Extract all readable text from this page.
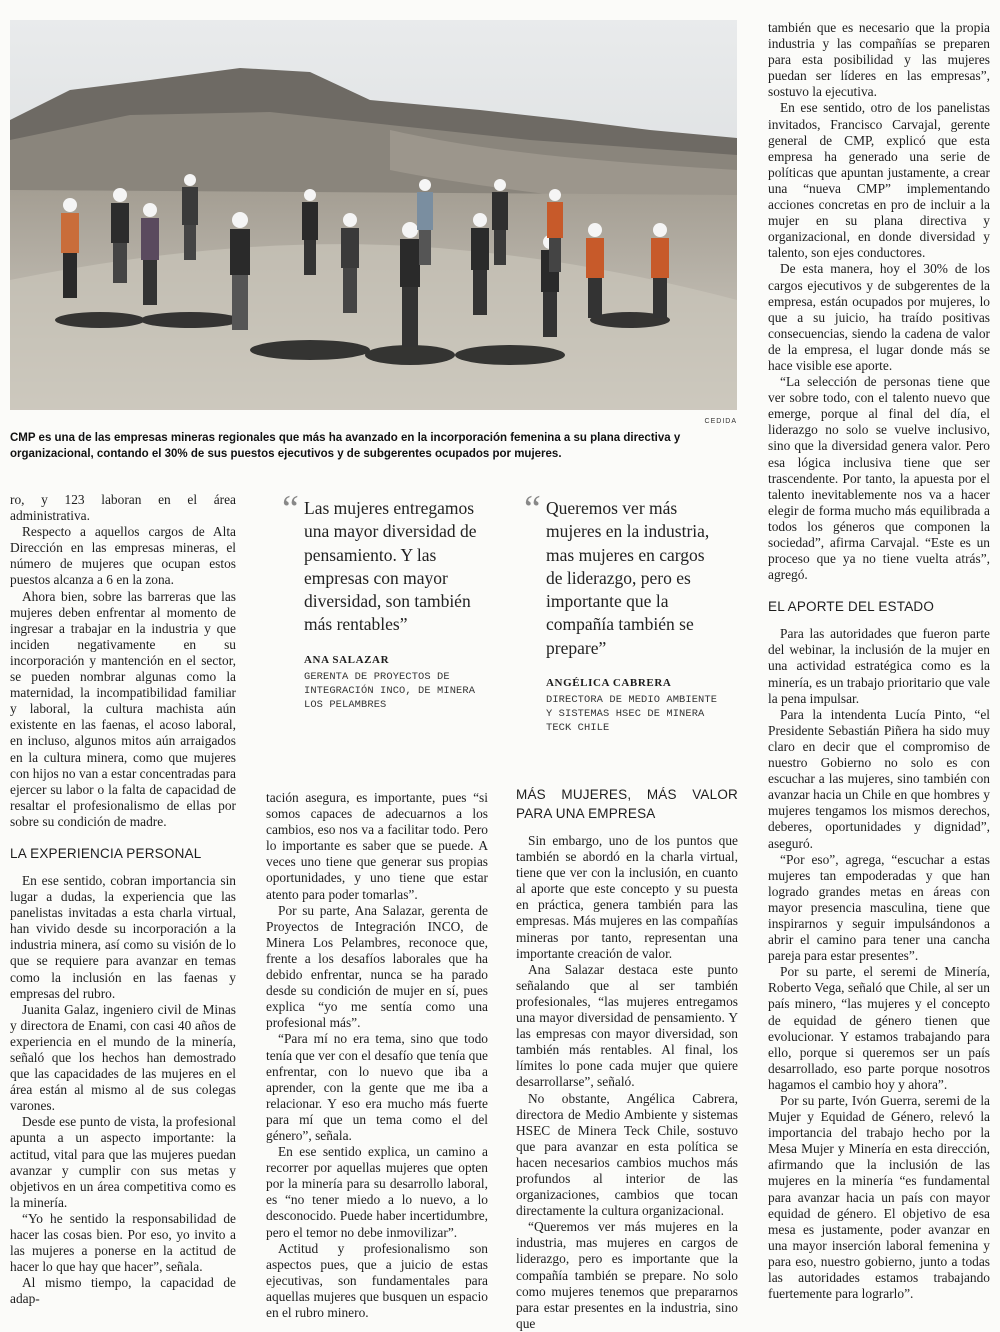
CEDIDA
CMP es una de las empresas mineras regionales que más ha avanzado en la incorporación femenina a su plana directiva y organizacional, contando el 30% de sus puestos ejecutivos y de subgerentes ocupados por mujeres.

ro, y 123 laboran en el área administrativa.

Respecto a aquellos cargos de Alta Dirección en las empresas mineras, el número de mujeres que ocupan estos puestos alcanza a 6 en la zona.

Ahora bien, sobre las barreras que las mujeres deben enfrentar al momento de ingresar a trabajar en la industria y que inciden negativamente en su incorporación y mantención en el sector, se pueden nombrar algunas como la maternidad, la incompatibilidad familiar y laboral, la cultura machista aún existente en las faenas, el acoso laboral, en incluso, algunos mitos aún arraigados en la cultura minera, como que mujeres con hijos no van a estar concentradas para ejercer su labor o la falta de capacidad de resaltar el profesionalismo de ellas por sobre su condición de madre.

LA EXPERIENCIA PERSONAL

En ese sentido, cobran importancia sin lugar a dudas, la experiencia que las panelistas invitadas a esta charla virtual, han vivido desde su incorporación a la industria minera, así como su visión de lo que se requiere para avanzar en temas como la inclusión en las faenas y empresas del rubro.

Juanita Galaz, ingeniero civil de Minas y directora de Enami, con casi 40 años de experiencia en el mundo de la minería, señaló que los hechos han demostrado que las capacidades de las mujeres en el área están al mismo al de sus colegas varones.

Desde ese punto de vista, la profesional apunta a un aspecto importante: la actitud, vital para que las mujeres puedan avanzar y cumplir con sus metas y objetivos en un área competitiva como es la minería.

“Yo he sentido la responsabilidad de hacer las cosas bien. Por eso, yo invito a las mujeres a ponerse en la actitud de hacer lo que hay que hacer”, señala.

Al mismo tiempo, la capacidad de adap-

“ Las mujeres entregamos una mayor diversidad de pensamiento. Y las empresas con mayor diversidad, son también más rentables”
ANA SALAZAR
GERENTA DE PROYECTOS DE INTEGRACIÓN INCO, DE MINERA LOS PELAMBRES
“ Queremos ver más mujeres en la industria, mas mujeres en cargos de liderazgo, pero es importante que la compañía también se prepare”
ANGÉLICA CABRERA
DIRECTORA DE MEDIO AMBIENTE Y SISTEMAS HSEC DE MINERA TECK CHILE

tación asegura, es importante, pues “si somos capaces de adecuarnos a los cambios, eso nos va a facilitar todo. Pero lo importante es saber que se puede. A veces uno tiene que generar sus propias oportunidades, y uno tiene que estar atento para poder tomarlas”.

Por su parte, Ana Salazar, gerenta de Proyectos de Integración INCO, de Minera Los Pelambres, reconoce que, frente a los desafíos laborales que ha debido enfrentar, nunca se ha parado desde su condición de mujer en sí, pues explica “yo me sentía como una profesional más”.

“Para mí no era tema, sino que todo tenía que ver con el desafío que tenía que enfrentar, con lo nuevo que iba a aprender, con la gente que me iba a relacionar. Y eso era mucho más fuerte para mí que un tema como el del género”, señala.

En ese sentido explica, un camino a recorrer por aquellas mujeres que opten por la minería para su desarrollo laboral, es “no tener miedo a lo nuevo, a lo desconocido. Puede haber incertidumbre, pero el temor no debe inmovilizar”.

Actitud y profesionalismo son aspectos pues, que a juicio de estas ejecutivas, son fundamentales para aquellas mujeres que busquen un espacio en el rubro minero.

MÁS MUJERES, MÁS VALOR PARA UNA EMPRESA

Sin embargo, uno de los puntos que también se abordó en la charla virtual, tiene que ver con la inclusión, en cuanto al aporte que este concepto y su puesta en práctica, genera también para las empresas. Más mujeres en las compañías mineras por tanto, representan una importante creación de valor.

Ana Salazar destaca este punto señalando que al ser también profesionales, “las mujeres entregamos una mayor diversidad de pensamiento. Y las empresas con mayor diversidad, son también más rentables. Al final, los límites lo pone cada mujer que quiere desarrollarse”, señaló.

No obstante, Angélica Cabrera, directora de Medio Ambiente y sistemas HSEC de Minera Teck Chile, sostuvo que para avanzar en esta política se hacen necesarios cambios muchos más profundos al interior de las organizaciones, cambios que tocan directamente la cultura organizacional.

“Queremos ver más mujeres en la industria, mas mujeres en cargos de liderazgo, pero es importante que la compañía también se prepare. No solo como mujeres tenemos que prepararnos para estar presentes en la industria, sino que

también que es necesario que la propia industria y las compañías se preparen para esta posibilidad y las mujeres puedan ser líderes en las empresas”, sostuvo la ejecutiva.

En ese sentido, otro de los panelistas invitados, Francisco Carvajal, gerente general de CMP, explicó que esta empresa ha generado una serie de políticas que apuntan justamente, a crear una “nueva CMP” implementando acciones concretas en pro de incluir a la mujer en su plana directiva y organizacional, en donde diversidad y talento, son ejes conductores.

De esta manera, hoy el 30% de los cargos ejecutivos y de subgerentes de la empresa, están ocupados por mujeres, lo que a su juicio, ha traído positivas consecuencias, siendo la cadena de valor de la empresa, el lugar donde más se hace visible ese aporte.

“La selección de personas tiene que ver sobre todo, con el talento nuevo que emerge, porque al final del día, el liderazgo no solo se vuelve inclusivo, sino que la diversidad genera valor. Pero esa lógica inclusiva tiene que ser trascendente. Por tanto, la apuesta por el talento inevitablemente nos va a hacer elegir de forma mucho más equilibrada a todos los géneros que componen la sociedad”, afirma Carvajal. “Este es un proceso que ya no tiene vuelta atrás”, agregó.

EL APORTE DEL ESTADO

Para las autoridades que fueron parte del webinar, la inclusión de la mujer en una actividad estratégica como es la minería, es un trabajo prioritario que vale la pena impulsar.

Para la intendenta Lucía Pinto, “el Presidente Sebastián Piñera ha sido muy claro en decir que el compromiso de nuestro Gobierno no solo es con escuchar a las mujeres, sino también con avanzar hacia un Chile en que hombres y mujeres tengamos los mismos derechos, deberes, oportunidades y dignidad”, aseguró.

“Por eso”, agrega, “escuchar a estas mujeres tan empoderadas y que han logrado grandes metas en áreas con mayor presencia masculina, tiene que inspirarnos y seguir impulsándonos a abrir el camino para tener una cancha pareja para estar presentes”.

Por su parte, el seremi de Minería, Roberto Vega, señaló que Chile, al ser un país minero, “las mujeres y el concepto de equidad de género tienen que evolucionar. Y estamos trabajando para ello, porque si queremos ser un país desarrollado, eso parte porque nosotros hagamos el cambio hoy y ahora”.

Por su parte, Ivón Guerra, seremi de la Mujer y Equidad de Género, relevó la importancia del trabajo hecho por la Mesa Mujer y Minería en esta dirección, afirmando que la inclusión de las mujeres en la minería “es fundamental para avanzar hacia un país con mayor equidad de género. El objetivo de esa mesa es justamente, poder avanzar en una mayor inserción laboral femenina y para eso, nuestro gobierno, junto a todas las autoridades estamos trabajando fuertemente para lograrlo”.
